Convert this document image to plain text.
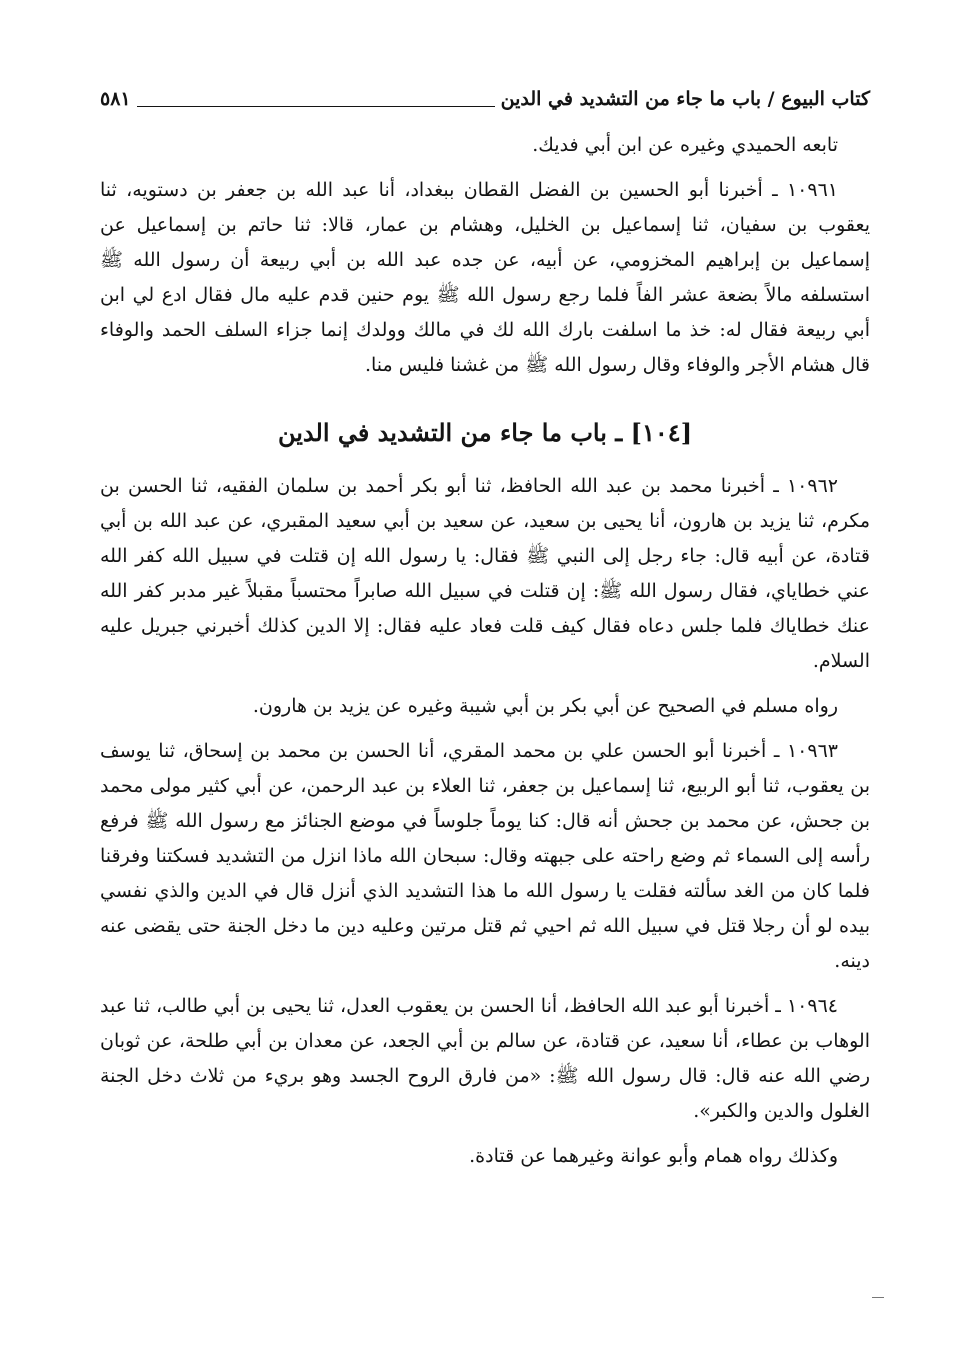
كتاب البيوع / باب ما جاء من التشديد في الدين
٥٨١

تابعه الحميدي وغيره عن ابن أبي فديك.

١٠٩٦١ ـ أخبرنا أبو الحسين بن الفضل القطان ببغداد، أنا عبد الله بن جعفر بن دستويه، ثنا يعقوب بن سفيان، ثنا إسماعيل بن الخليل، وهشام بن عمار، قالا: ثنا حاتم بن إسماعيل عن إسماعيل بن إبراهيم المخزومي، عن أبيه، عن جده عبد الله بن أبي ربيعة أن رسول الله ﷺ استسلفه مالاً بضعة عشر الفاً فلما رجع رسول الله ﷺ يوم حنين قدم عليه مال فقال ادع لي ابن أبي ربيعة فقال له: خذ ما اسلفت بارك الله لك في مالك وولدك إنما جزاء السلف الحمد والوفاء قال هشام الأجر والوفاء وقال رسول الله ﷺ من غشنا فليس منا.

[١٠٤] ـ باب ما جاء من التشديد في الدين

١٠٩٦٢ ـ أخبرنا محمد بن عبد الله الحافظ، ثنا أبو بكر أحمد بن سلمان الفقيه، ثنا الحسن بن مكرم، ثنا يزيد بن هارون، أنا يحيى بن سعيد، عن سعيد بن أبي سعيد المقبري، عن عبد الله بن أبي قتادة، عن أبيه قال: جاء رجل إلى النبي ﷺ فقال: يا رسول الله إن قتلت في سبيل الله كفر الله عني خطاياي، فقال رسول الله ﷺ: إن قتلت في سبيل الله صابراً محتسباً مقبلاً غير مدبر كفر الله عنك خطاياك فلما جلس دعاه فقال كيف قلت فعاد عليه فقال: إلا الدين كذلك أخبرني جبريل عليه السلام.

رواه مسلم في الصحيح عن أبي بكر بن أبي شيبة وغيره عن يزيد بن هارون.

١٠٩٦٣ ـ أخبرنا أبو الحسن علي بن محمد المقري، أنا الحسن بن محمد بن إسحاق، ثنا يوسف بن يعقوب، ثنا أبو الربيع، ثنا إسماعيل بن جعفر، ثنا العلاء بن عبد الرحمن، عن أبي كثير مولى محمد بن جحش، عن محمد بن جحش أنه قال: كنا يوماً جلوساً في موضع الجنائز مع رسول الله ﷺ فرفع رأسه إلى السماء ثم وضع راحته على جبهته وقال: سبحان الله ماذا انزل من التشديد فسكتنا وفرقنا فلما كان من الغد سألته فقلت يا رسول الله ما هذا التشديد الذي أنزل قال في الدين والذي نفسي بيده لو أن رجلا قتل في سبيل الله ثم احيي ثم قتل مرتين وعليه دين ما دخل الجنة حتى يقضى عنه دينه.

١٠٩٦٤ ـ أخبرنا أبو عبد الله الحافظ، أنا الحسن بن يعقوب العدل، ثنا يحيى بن أبي طالب، ثنا عبد الوهاب بن عطاء، أنا سعيد، عن قتادة، عن سالم بن أبي الجعد، عن معدان بن أبي طلحة، عن ثوبان رضي الله عنه قال: قال رسول الله ﷺ: «من فارق الروح الجسد وهو بريء من ثلاث دخل الجنة الغلول والدين والكبر».

وكذلك رواه همام وأبو عوانة وغيرهما عن قتادة.
